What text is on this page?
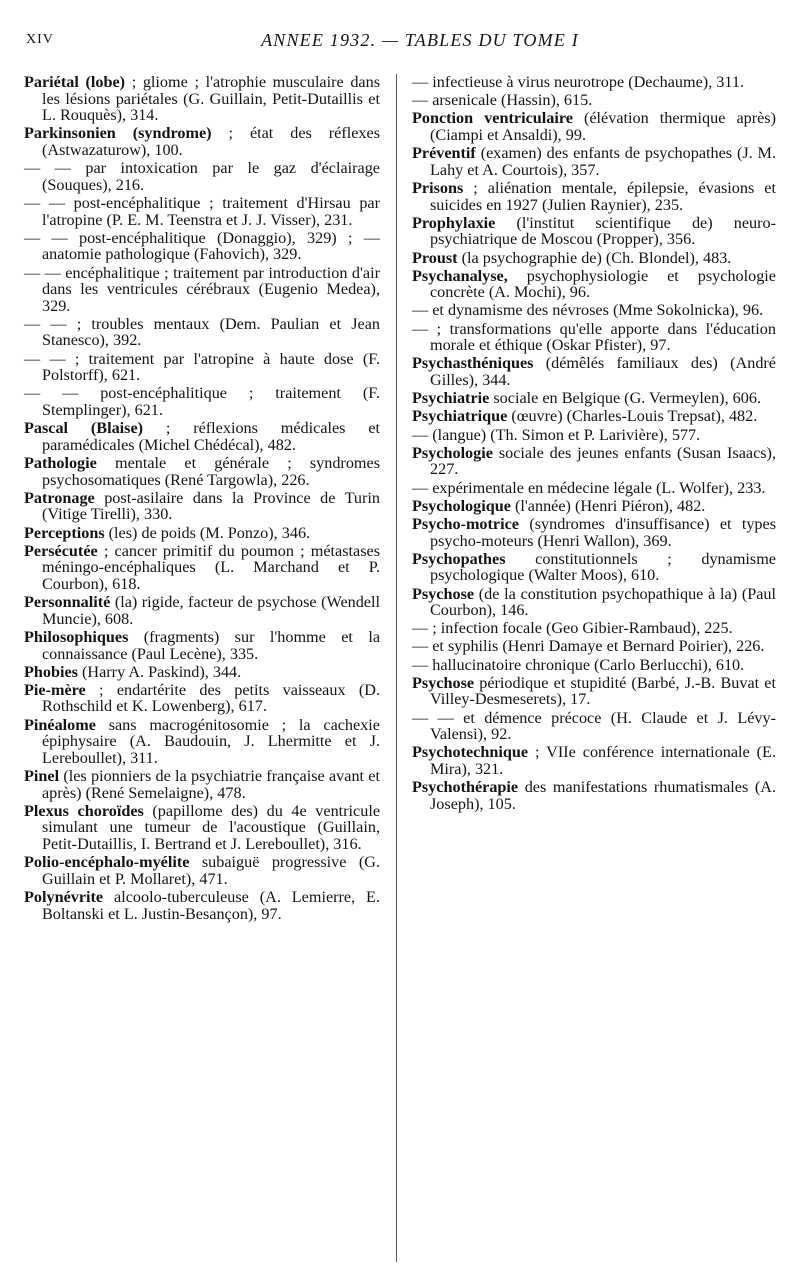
XIV	ANNEE 1932. — TABLES DU TOME I

Pariétal (lobe) ; gliome ; l'atrophie musculaire dans les lésions pariétales (G. Guillain, Petit-Dutaillis et L. Rouquès), 314.

Parkinsonien (syndrome) ; état des réflexes (Astwazaturow), 100.

— — par intoxication par le gaz d'éclairage (Souques), 216.

— — post-encéphalitique ; traitement d'Hirsau par l'atropine (P. E. M. Teenstra et J. J. Visser), 231.

— — post-encéphalitique (Donaggio), 329) ; — anatomie pathologique (Fahovich), 329.

— — encéphalitique ; traitement par introduction d'air dans les ventricules cérébraux (Eugenio Medea), 329.

— — ; troubles mentaux (Dem. Paulian et Jean Stanesco), 392.

— — ; traitement par l'atropine à haute dose (F. Polstorff), 621.

— — post-encéphalitique ; traitement (F. Stemplinger), 621.

Pascal (Blaise) ; réflexions médicales et paramédicales (Michel Chédécal), 482.

Pathologie mentale et générale ; syndromes psychosomatiques (René Targowla), 226.

Patronage post-asilaire dans la Province de Turin (Vitige Tirelli), 330.

Perceptions (les) de poids (M. Ponzo), 346.

Persécutée ; cancer primitif du poumon ; métastases méningo-encéphaliques (L. Marchand et P. Courbon), 618.

Personnalité (la) rigide, facteur de psychose (Wendell Muncie), 608.

Philosophiques (fragments) sur l'homme et la connaissance (Paul Lecène), 335.

Phobies (Harry A. Paskind), 344.

Pie-mère ; endartérite des petits vaisseaux (D. Rothschild et K. Lowenberg), 617.

Pinéalome sans macrogénitosomie ; la cachexie épiphysaire (A. Baudouin, J. Lhermitte et J. Lereboullet), 311.

Pinel (les pionniers de la psychiatrie française avant et après) (René Semelaigne), 478.

Plexus choroïdes (papillome des) du 4e ventricule simulant une tumeur de l'acoustique (Guillain, Petit-Dutaillis, I. Bertrand et J. Lereboullet), 316.

Polio-encéphalo-myélite subaiguë progressive (G. Guillain et P. Mollaret), 471.

Polynévrite alcoolo-tuberculeuse (A. Lemierre, E. Boltanski et L. Justin-Besançon), 97.

— infectieuse à virus neurotrope (Dechaume), 311.

— arsenicale (Hassin), 615.

Ponction ventriculaire (élévation thermique après) (Ciampi et Ansaldi), 99.

Préventif (examen) des enfants de psychopathes (J. M. Lahy et A. Courtois), 357.

Prisons ; aliénation mentale, épilepsie, évasions et suicides en 1927 (Julien Raynier), 235.

Prophylaxie (l'institut scientifique de) neuro-psychiatrique de Moscou (Propper), 356.

Proust (la psychographie de) (Ch. Blondel), 483.

Psychanalyse, psychophysiologie et psychologie concrète (A. Mochi), 96.

— et dynamisme des névroses (Mme Sokolnicka), 96.

— ; transformations qu'elle apporte dans l'éducation morale et éthique (Oskar Pfister), 97.

Psychasthéniques (démêlés familiaux des) (André Gilles), 344.

Psychiatrie sociale en Belgique (G. Vermeylen), 606.

Psychiatrique (œuvre) (Charles-Louis Trepsat), 482.

— (langue) (Th. Simon et P. Larivière), 577.

Psychologie sociale des jeunes enfants (Susan Isaacs), 227.

— expérimentale en médecine légale (L. Wolfer), 233.

Psychologique (l'année) (Henri Piéron), 482.

Psycho-motrice (syndromes d'insuffisance) et types psycho-moteurs (Henri Wallon), 369.

Psychopathes constitutionnels ; dynamisme psychologique (Walter Moos), 610.

Psychose (de la constitution psychopathique à la) (Paul Courbon), 146.

— ; infection focale (Geo Gibier-Rambaud), 225.

— et syphilis (Henri Damaye et Bernard Poirier), 226.

— hallucinatoire chronique (Carlo Berlucchi), 610.

Psychose périodique et stupidité (Barbé, J.-B. Buvat et Villey-Desmeserets), 17.

— — et démence précoce (H. Claude et J. Lévy-Valensi), 92.

Psychotechnique ; VIIe conférence internationale (E. Mira), 321.

Psychothérapie des manifestations rhumatismales (A. Joseph), 105.
